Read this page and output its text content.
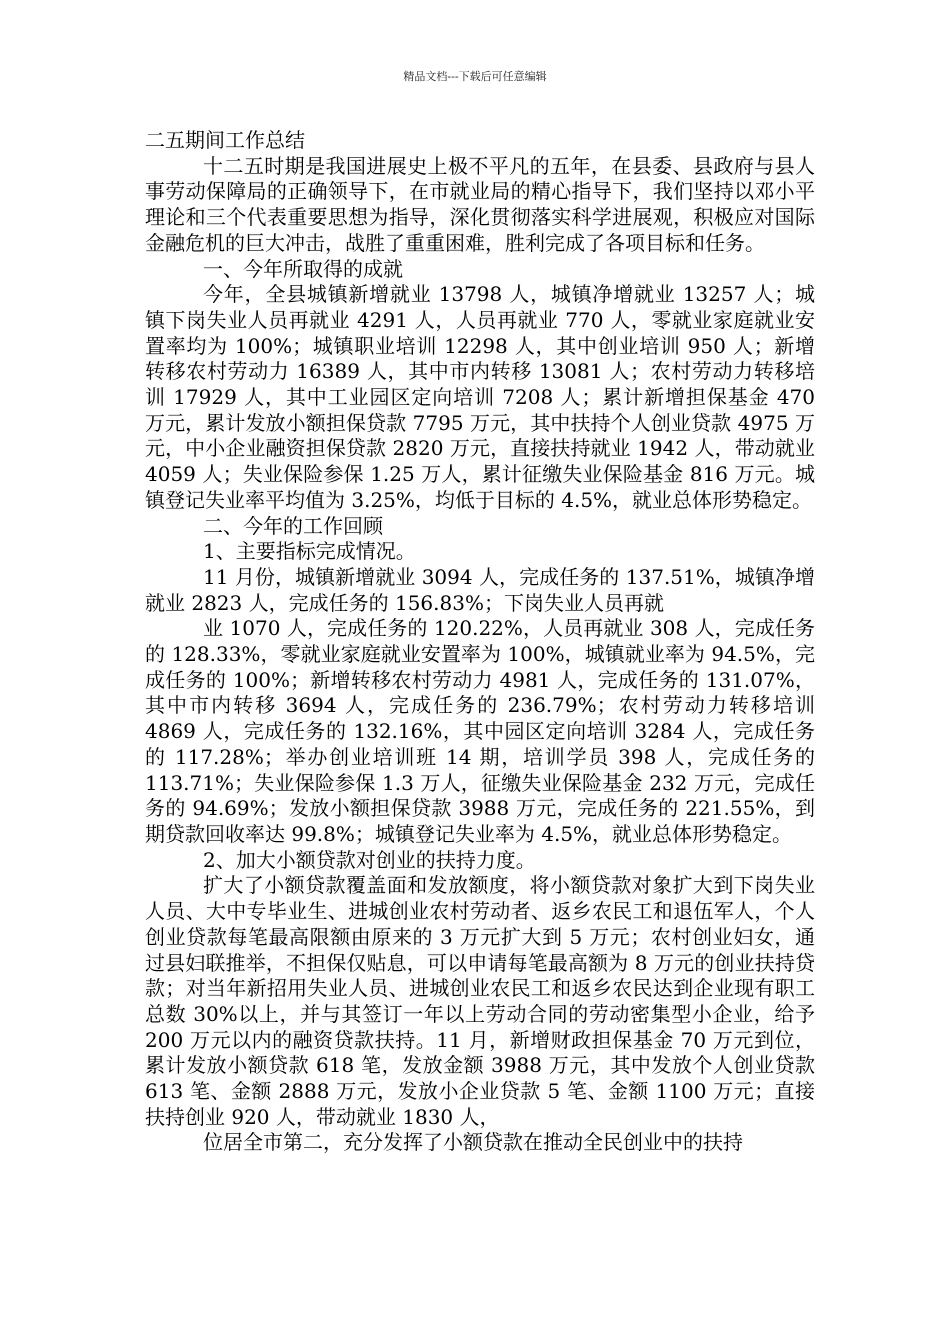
精品文档---下载后可任意编辑

二五期间工作总结

十二五时期是我国进展史上极不平凡的五年，在县委、县政府与县人事劳动保障局的正确领导下，在市就业局的精心指导下，我们坚持以邓小平理论和三个代表重要思想为指导，深化贯彻落实科学进展观，积极应对国际金融危机的巨大冲击，战胜了重重困难，胜利完成了各项目标和任务。

一、今年所取得的成就

今年，全县城镇新增就业 13798 人，城镇净增就业 13257 人；城镇下岗失业人员再就业 4291 人，人员再就业 770 人，零就业家庭就业安置率均为 100%；城镇职业培训 12298 人，其中创业培训 950 人；新增转移农村劳动力 16389 人，其中市内转移 13081 人；农村劳动力转移培训 17929 人，其中工业园区定向培训 7208 人；累计新增担保基金 470 万元，累计发放小额担保贷款 7795 万元，其中扶持个人创业贷款 4975 万元，中小企业融资担保贷款 2820 万元，直接扶持就业 1942 人，带动就业 4059 人；失业保险参保 1.25 万人，累计征缴失业保险基金 816 万元。城镇登记失业率平均值为 3.25%，均低于目标的 4.5%，就业总体形势稳定。

二、今年的工作回顾

1、主要指标完成情况。

11 月份，城镇新增就业 3094 人，完成任务的 137.51%，城镇净增就业 2823 人，完成任务的 156.83%；下岗失业人员再就

业 1070 人，完成任务的 120.22%，人员再就业 308 人，完成任务的 128.33%，零就业家庭就业安置率为 100%，城镇就业率为 94.5%，完成任务的 100%；新增转移农村劳动力 4981 人，完成任务的 131.07%，其中市内转移 3694 人，完成任务的 236.79%；农村劳动力转移培训 4869 人，完成任务的 132.16%，其中园区定向培训 3284 人，完成任务的 117.28%；举办创业培训班 14 期，培训学员 398 人，完成任务的 113.71%；失业保险参保 1.3 万人，征缴失业保险基金 232 万元，完成任务的 94.69%；发放小额担保贷款 3988 万元，完成任务的 221.55%，到期贷款回收率达 99.8%；城镇登记失业率为 4.5%，就业总体形势稳定。

2、加大小额贷款对创业的扶持力度。

扩大了小额贷款覆盖面和发放额度，将小额贷款对象扩大到下岗失业人员、大中专毕业生、进城创业农村劳动者、返乡农民工和退伍军人，个人创业贷款每笔最高限额由原来的 3 万元扩大到 5 万元；农村创业妇女，通过县妇联推举，不担保仅贴息，可以申请每笔最高额为 8 万元的创业扶持贷款；对当年新招用失业人员、进城创业农民工和返乡农民达到企业现有职工总数 30%以上，并与其签订一年以上劳动合同的劳动密集型小企业，给予 200 万元以内的融资贷款扶持。11 月，新增财政担保基金 70 万元到位，累计发放小额贷款 618 笔，发放金额 3988 万元，其中发放个人创业贷款 613 笔、金额 2888 万元，发放小企业贷款 5 笔、金额 1100 万元；直接扶持创业 920 人，带动就业 1830 人，

位居全市第二，充分发挥了小额贷款在推动全民创业中的扶持
